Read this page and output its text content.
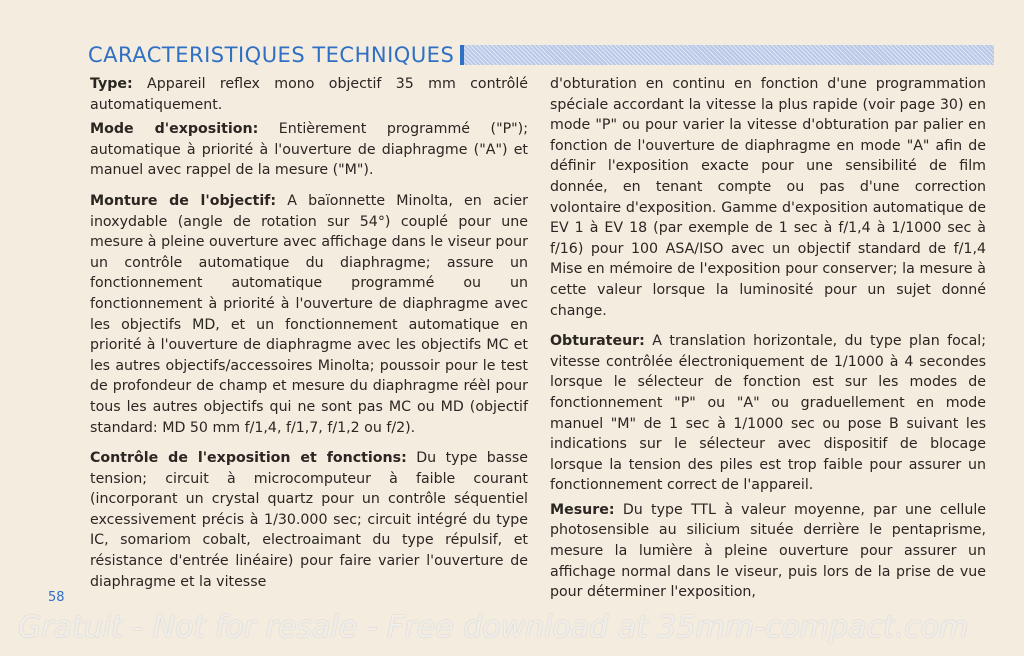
CARACTERISTIQUES TECHNIQUES

Type: Appareil reflex mono objectif 35 mm contrôlé automatiquement.

Mode d'exposition: Entièrement programmé ("P"); automatique à priorité à l'ouverture de diaphragme ("A") et manuel avec rappel de la mesure ("M").

Monture de l'objectif: A baïonnette Minolta, en acier inoxydable (angle de rotation sur 54°) couplé pour une mesure à pleine ouverture avec affichage dans le viseur pour un contrôle automatique du diaphragme; assure un fonctionnement automatique programmé ou un fonctionnement à priorité à l'ouverture de diaphragme avec les objectifs MD, et un fonctionnement automatique en priorité à l'ouverture de diaphragme avec les objectifs MC et les autres objectifs/accessoires Minolta; poussoir pour le test de profondeur de champ et mesure du diaphragme réèl pour tous les autres objectifs qui ne sont pas MC ou MD (objectif standard: MD 50 mm f/1,4, f/1,7, f/1,2 ou f/2).

Contrôle de l'exposition et fonctions: Du type basse tension; circuit à microcomputeur à faible courant (incorporant un crystal quartz pour un contrôle séquentiel excessivement précis à 1/30.000 sec; circuit intégré du type IC, somariom cobalt, electroaimant du type répulsif, et résistance d'entrée linéaire) pour faire varier l'ouverture de diaphragme et la vitesse

d'obturation en continu en fonction d'une programmation spéciale accordant la vitesse la plus rapide (voir page 30) en mode "P" ou pour varier la vitesse d'obturation par palier en fonction de l'ouverture de diaphragme en mode "A" afin de définir l'exposition exacte pour une sensibilité de film donnée, en tenant compte ou pas d'une correction volontaire d'exposition. Gamme d'exposition automatique de EV 1 à EV 18 (par exemple de 1 sec à f/1,4 à 1/1000 sec à f/16) pour 100 ASA/ISO avec un objectif standard de f/1,4 Mise en mémoire de l'exposition pour conserver; la mesure à cette valeur lorsque la luminosité pour un sujet donné change.

Obturateur: A translation horizontale, du type plan focal; vitesse contrôlée électroniquement de 1/1000 à 4 secondes lorsque le sélecteur de fonction est sur les modes de fonctionnement "P" ou "A" ou graduellement en mode manuel "M" de 1 sec à 1/1000 sec ou pose B suivant les indications sur le sélecteur avec dispositif de blocage lorsque la tension des piles est trop faible pour assurer un fonctionnement correct de l'appareil.

Mesure: Du type TTL à valeur moyenne, par une cellule photosensible au silicium située derrière le pentaprisme, mesure la lumière à pleine ouverture pour assurer un affichage normal dans le viseur, puis lors de la prise de vue pour déterminer l'exposition,

58
Gratuit - Not for resale - Free download at 35mm-compact.com
